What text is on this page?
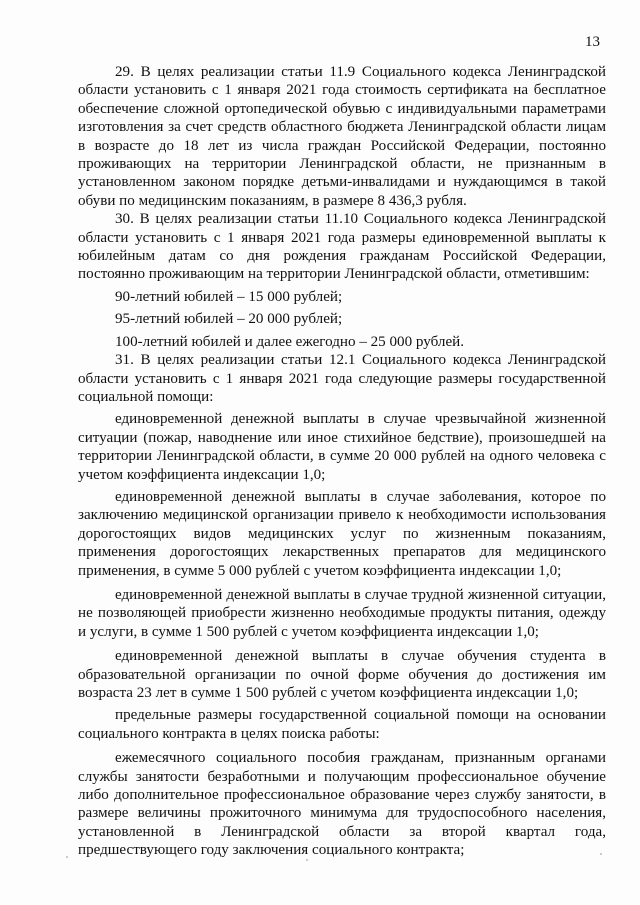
13

29. В целях реализации статьи 11.9 Социального кодекса Ленинградской области установить с 1 января 2021 года стоимость сертификата на бесплатное обеспечение сложной ортопедической обувью с индивидуальными параметрами изготовления за счет средств областного бюджета Ленинградской области лицам в возрасте до 18 лет из числа граждан Российской Федерации, постоянно проживающих на территории Ленинградской области, не признанным в установленном законом порядке детьми-инвалидами и нуждающимся в такой обуви по медицинским показаниям, в размере 8 436,3 рубля.

30. В целях реализации статьи 11.10 Социального кодекса Ленинградской области установить с 1 января 2021 года размеры единовременной выплаты к юбилейным датам со дня рождения гражданам Российской Федерации, постоянно проживающим на территории Ленинградской области, отметившим:

90-летний юбилей – 15 000 рублей;

95-летний юбилей – 20 000 рублей;

100-летний юбилей и далее ежегодно – 25 000 рублей.

31. В целях реализации статьи 12.1 Социального кодекса Ленинградской области установить с 1 января 2021 года следующие размеры государственной социальной помощи:

единовременной денежной выплаты в случае чрезвычайной жизненной ситуации (пожар, наводнение или иное стихийное бедствие), произошедшей на территории Ленинградской области, в сумме 20 000 рублей на одного человека с учетом коэффициента индексации 1,0;

единовременной денежной выплаты в случае заболевания, которое по заключению медицинской организации привело к необходимости использования дорогостоящих видов медицинских услуг по жизненным показаниям, применения дорогостоящих лекарственных препаратов для медицинского применения, в сумме 5 000 рублей с учетом коэффициента индексации 1,0;

единовременной денежной выплаты в случае трудной жизненной ситуации, не позволяющей приобрести жизненно необходимые продукты питания, одежду и услуги, в сумме 1 500 рублей с учетом коэффициента индексации 1,0;

единовременной денежной выплаты в случае обучения студента в образовательной организации по очной форме обучения до достижения им возраста 23 лет в сумме 1 500 рублей с учетом коэффициента индексации 1,0;

предельные размеры государственной социальной помощи на основании социального контракта в целях поиска работы:

ежемесячного социального пособия гражданам, признанным органами службы занятости безработными и получающим профессиональное обучение либо дополнительное профессиональное образование через службу занятости, в размере величины прожиточного минимума для трудоспособного населения, установленной в Ленинградской области за второй квартал года, предшествующего году заключения социального контракта;
